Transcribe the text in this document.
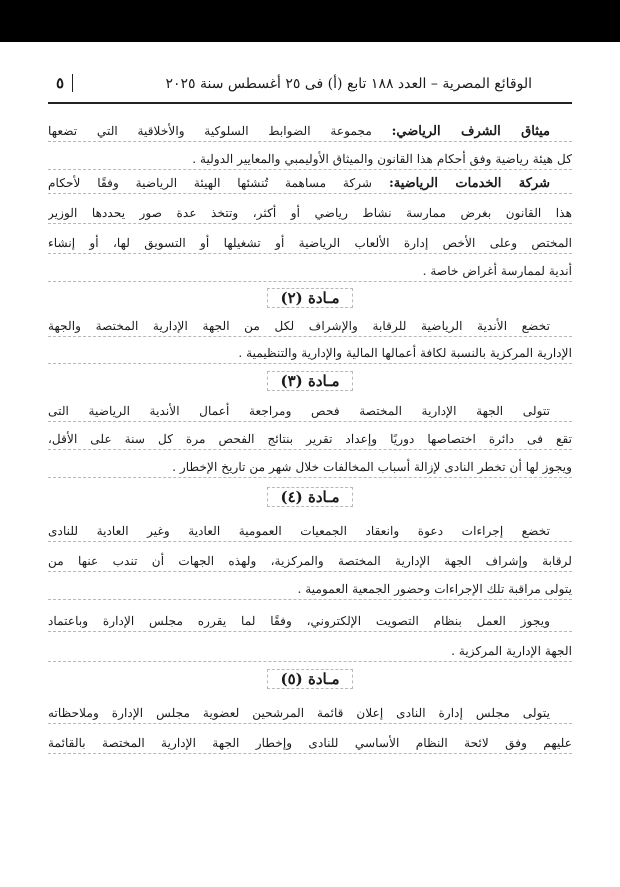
الوقائع المصرية – العدد ١٨٨ تابع (أ) فى ٢٥ أغسطس سنة ٢٠٢٥
٥
ميثاق الشرف الرياضي: مجموعة الضوابط السلوكية والأخلاقية التي تضعها
كل هيئة رياضية وفق أحكام هذا القانون والميثاق الأوليمبي والمعايير الدولية .
شركة الخدمات الرياضية: شركة مساهمة تُنشئها الهيئة الرياضية وفقًا لأحكام
هذا القانون بغرض ممارسة نشاط رياضي أو أكثر، وتتخذ عدة صور يحددها الوزير
المختص وعلى الأخص إدارة الألعاب الرياضية أو تشغيلها أو التسويق لها، أو إنشاء
أندية لممارسة أغراض خاصة .
مـادة (٢)
تخضع الأندية الرياضية للرقابة والإشراف لكل من الجهة الإدارية المختصة والجهة
الإدارية المركزية بالنسبة لكافة أعمالها المالية والإدارية والتنظيمية .
مـادة (٣)
تتولى الجهة الإدارية المختصة فحص ومراجعة أعمال الأندية الرياضية التى
تقع فى دائرة اختصاصها دوريًا وإعداد تقرير بنتائج الفحص مرة كل سنة على الأقل،
ويجوز لها أن تخطر النادى لإزالة أسباب المخالفات خلال شهر من تاريخ الإخطار .
مـادة (٤)
تخضع إجراءات دعوة وانعقاد الجمعيات العمومية العادية وغير العادية للنادى
لرقابة وإشراف الجهة الإدارية المختصة والمركزية، ولهذه الجهات أن تندب عنها من
يتولى مراقبة تلك الإجراءات وحضور الجمعية العمومية .
ويجوز العمل بنظام التصويت الإلكتروني، وفقًا لما يقرره مجلس الإدارة وباعتماد
الجهة الإدارية المركزية .
مـادة (٥)
يتولى مجلس إدارة النادى إعلان قائمة المرشحين لعضوية مجلس الإدارة وملاحظاته
عليهم وفق لائحة النظام الأساسي للنادى وإخطار الجهة الإدارية المختصة بالقائمة
